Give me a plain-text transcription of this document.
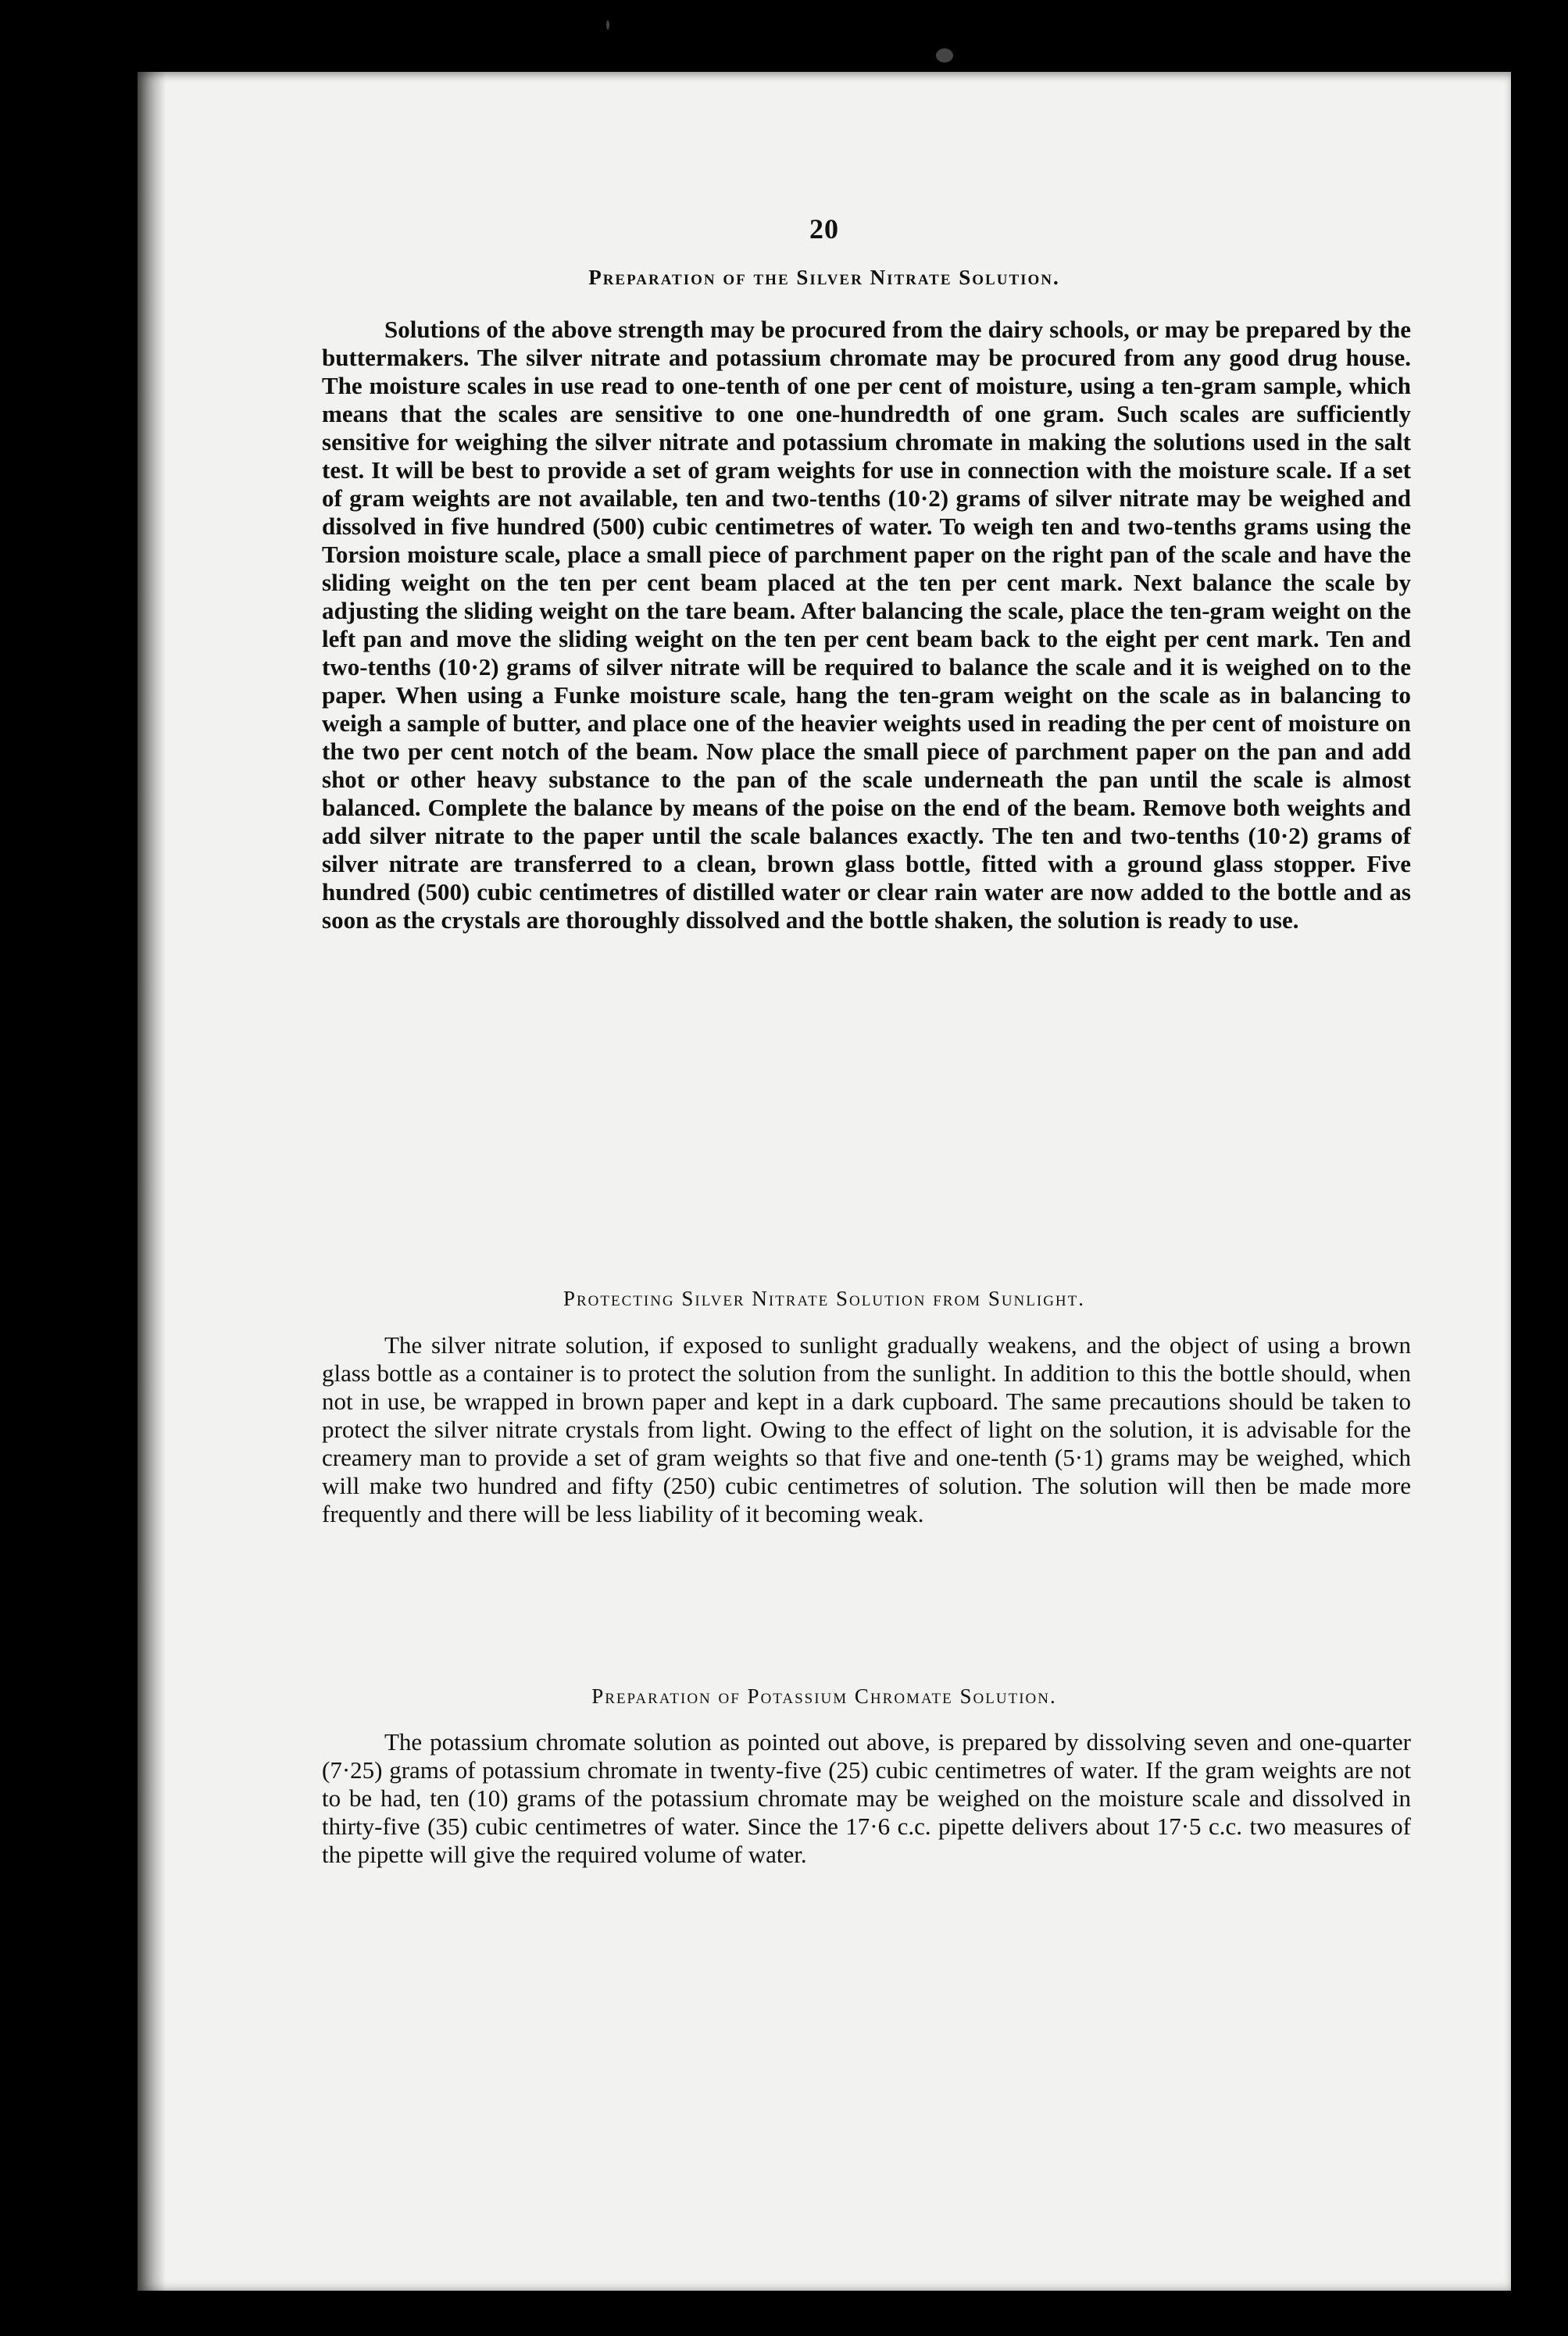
20
Preparation of the Silver Nitrate Solution.

Solutions of the above strength may be procured from the dairy schools, or may be prepared by the buttermakers. The silver nitrate and potassium chromate may be procured from any good drug house. The moisture scales in use read to one-tenth of one per cent of moisture, using a ten-gram sample, which means that the scales are sensitive to one one-hundredth of one gram. Such scales are sufficiently sensitive for weighing the silver nitrate and potassium chromate in making the solutions used in the salt test. It will be best to provide a set of gram weights for use in connection with the moisture scale. If a set of gram weights are not available, ten and two-tenths (10·2) grams of silver nitrate may be weighed and dissolved in five hundred (500) cubic centimetres of water. To weigh ten and two-tenths grams using the Torsion moisture scale, place a small piece of parchment paper on the right pan of the scale and have the sliding weight on the ten per cent beam placed at the ten per cent mark. Next balance the scale by adjusting the sliding weight on the tare beam. After balancing the scale, place the ten-gram weight on the left pan and move the sliding weight on the ten per cent beam back to the eight per cent mark. Ten and two-tenths (10·2) grams of silver nitrate will be required to balance the scale and it is weighed on to the paper. When using a Funke moisture scale, hang the ten-gram weight on the scale as in balancing to weigh a sample of butter, and place one of the heavier weights used in reading the per cent of moisture on the two per cent notch of the beam. Now place the small piece of parchment paper on the pan and add shot or other heavy substance to the pan of the scale underneath the pan until the scale is almost balanced. Complete the balance by means of the poise on the end of the beam. Remove both weights and add silver nitrate to the paper until the scale balances exactly. The ten and two-tenths (10·2) grams of silver nitrate are transferred to a clean, brown glass bottle, fitted with a ground glass stopper. Five hundred (500) cubic centimetres of distilled water or clear rain water are now added to the bottle and as soon as the crystals are thoroughly dissolved and the bottle shaken, the solution is ready to use.

Protecting Silver Nitrate Solution from Sunlight.

The silver nitrate solution, if exposed to sunlight gradually weakens, and the object of using a brown glass bottle as a container is to protect the solution from the sunlight. In addition to this the bottle should, when not in use, be wrapped in brown paper and kept in a dark cupboard. The same precautions should be taken to protect the silver nitrate crystals from light. Owing to the effect of light on the solution, it is advisable for the creamery man to provide a set of gram weights so that five and one-tenth (5·1) grams may be weighed, which will make two hundred and fifty (250) cubic centimetres of solution. The solution will then be made more frequently and there will be less liability of it becoming weak.

Preparation of Potassium Chromate Solution.

The potassium chromate solution as pointed out above, is prepared by dissolving seven and one-quarter (7·25) grams of potassium chromate in twenty-five (25) cubic centimetres of water. If the gram weights are not to be had, ten (10) grams of the potassium chromate may be weighed on the moisture scale and dissolved in thirty-five (35) cubic centimetres of water. Since the 17·6 c.c. pipette delivers about 17·5 c.c. two measures of the pipette will give the required volume of water.
